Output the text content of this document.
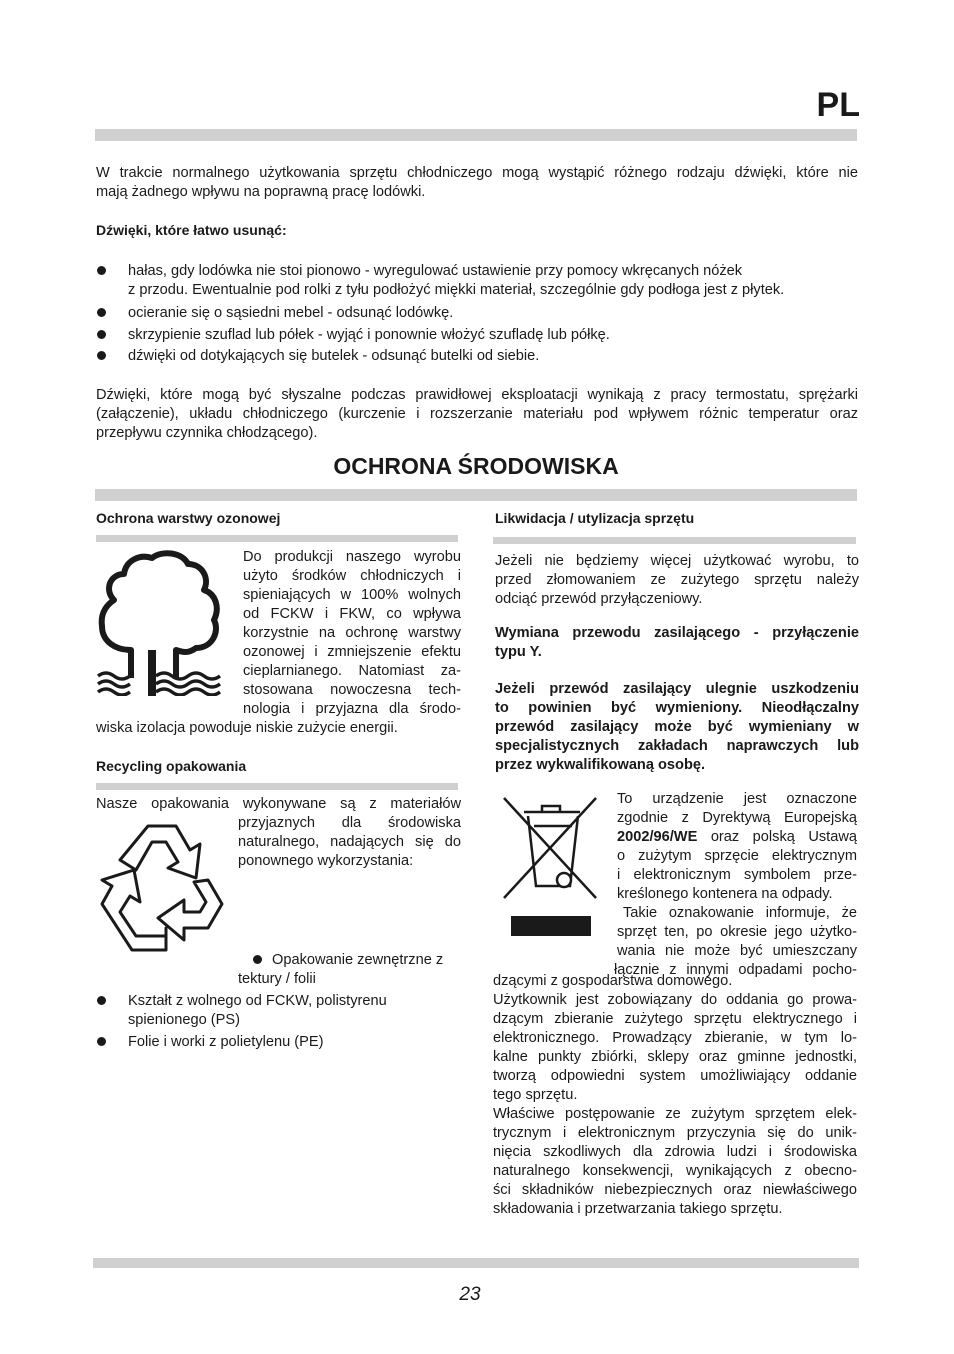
PL
W trakcie normalnego użytkowania sprzętu chłodniczego mogą wystąpić różnego rodzaju dźwięki, które nie
mają żadnego wpływu na poprawną pracę lodówki.
Dźwięki, które łatwo usunąć:
hałas, gdy lodówka nie stoi pionowo - wyregulować ustawienie przy pomocy wkręcanych nóżek
z przodu. Ewentualnie pod rolki z tyłu podłożyć miękki materiał, szczególnie gdy podłoga jest z płytek.
ocieranie się o sąsiedni mebel - odsunąć lodówkę.
skrzypienie szuflad lub półek - wyjąć i ponownie włożyć szufladę lub półkę.
dźwięki od dotykających się butelek - odsunąć butelki od siebie.
Dźwięki, które mogą być słyszalne podczas prawidłowej eksploatacji wynikają z pracy termostatu, sprężarki
(załączenie), układu chłodniczego (kurczenie i rozszerzanie materiału pod wpływem różnic temperatur oraz
przepływu czynnika chłodzącego).
OCHRONA ŚRODOWISKA
Ochrona warstwy ozonowej
Do produkcji naszego wyrobu
użyto środków chłodniczych i
spieniających w 100% wolnych
od FCKW i FKW, co wpływa
korzystnie na ochronę warstwy
ozonowej i zmniejszenie efektu
cieplarnianego. Natomiast za-
stosowana nowoczesna tech-
nologia i przyjazna dla środo-
wiska izolacja powoduje niskie zużycie energii.
Recycling opakowania
Nasze opakowania wykonywane są z materiałów
przyjaznych dla środowiska
naturalnego, nadających się do
ponownego wykorzystania:
Opakowanie zewnętrzne z
tektury / folii
Kształt z wolnego od FCKW, polistyrenu
spienionego (PS)
Folie i worki z polietylenu (PE)
Likwidacja / utylizacja sprzętu
Jeżeli nie będziemy więcej użytkować wyrobu, to
przed złomowaniem ze zużytego sprzętu należy
odciąć przewód przyłączeniowy.
Wymiana przewodu zasilającego - przyłączenie
typu Y.
Jeżeli przewód zasilający ulegnie uszkodzeniu
to powinien być wymieniony. Nieodłączalny
przewód zasilający może być wymieniany w
specjalistycznych zakładach naprawczych lub
przez wykwalifikowaną osobę.
To urządzenie jest oznaczone
zgodnie z Dyrektywą Europejską
2002/96/WE oraz polską Ustawą
o zużytym sprzęcie elektrycznym
i elektronicznym symbolem prze-
kreślonego kontenera na odpady.
Takie oznakowanie informuje, że
sprzęt ten, po okresie jego użytko-
wania nie może być umieszczany
łącznie z innymi odpadami pocho-
dzącymi z gospodarstwa domowego.
Użytkownik jest zobowiązany do oddania go prowa-
dzącym zbieranie zużytego sprzętu elektrycznego i
elektronicznego. Prowadzący zbieranie, w tym lo-
kalne punkty zbiórki, sklepy oraz gminne jednostki,
tworzą odpowiedni system umożliwiający oddanie
tego sprzętu.
Właściwe postępowanie ze zużytym sprzętem elek-
trycznym i elektronicznym przyczynia się do unik-
nięcia szkodliwych dla zdrowia ludzi i środowiska
naturalnego konsekwencji, wynikających z obecno-
ści składników niebezpiecznych oraz niewłaściwego
składowania i przetwarzania takiego sprzętu.
23
